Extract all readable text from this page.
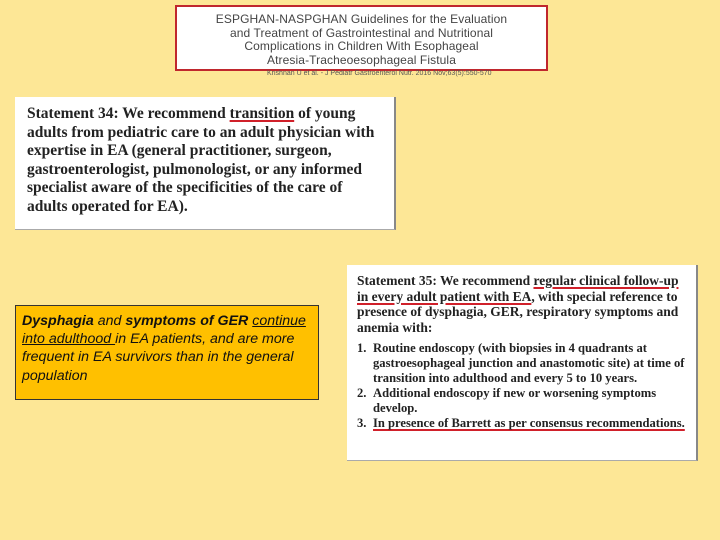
ESPGHAN-NASPGHAN Guidelines for the Evaluation
and Treatment of Gastrointestinal and Nutritional
Complications in Children With Esophageal
Atresia-Tracheoesophageal Fistula
Krishnan U et al. - J Pediatr Gastroenterol Nutr. 2016 Nov;63(5):550-570
Statement 34: We recommend transition of young adults from pediatric care to an adult physician with expertise in EA (general practitioner, surgeon, gastroenterologist, pulmonologist, or any informed specialist aware of the specificities of the care of adults operated for EA).
Dysphagia and symptoms of GER continue into adulthood in EA patients, and are more frequent in EA survivors than in the general population
Statement 35: We recommend regular clinical follow-up in every adult patient with EA, with special reference to presence of dysphagia, GER, respiratory symptoms and anemia with:
1. Routine endoscopy (with biopsies in 4 quadrants at gastroesophageal junction and anastomotic site) at time of transition into adulthood and every 5 to 10 years.
2. Additional endoscopy if new or worsening symptoms develop.
3. In presence of Barrett as per consensus recommendations.
